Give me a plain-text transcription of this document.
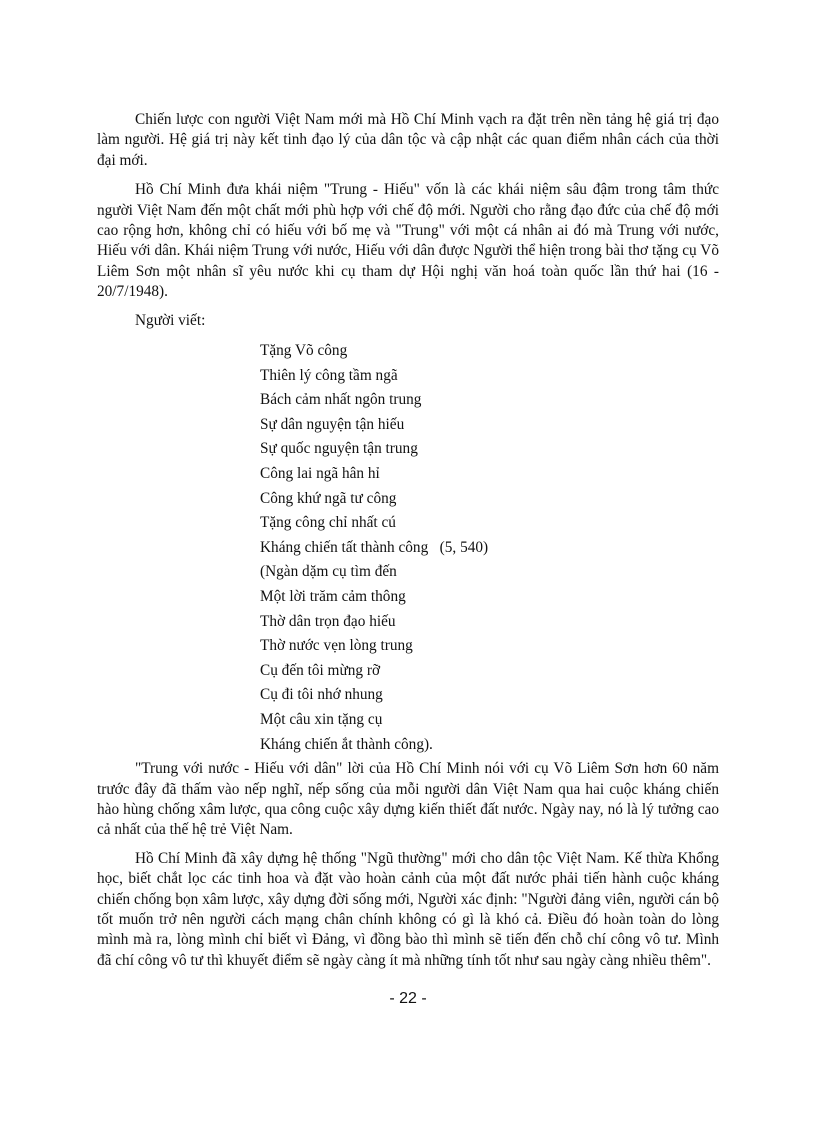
Chiến lược con người Việt Nam mới mà Hồ Chí Minh vạch ra đặt trên nền tảng hệ giá trị đạo làm người. Hệ giá trị này kết tinh đạo lý của dân tộc và cập nhật các quan điểm nhân cách của thời đại mới.

Hồ Chí Minh đưa khái niệm "Trung - Hiếu" vốn là các khái niệm sâu đậm trong tâm thức người Việt Nam đến một chất mới phù hợp với chế độ mới. Người cho rằng đạo đức của chế độ mới cao rộng hơn, không chỉ có hiếu với bố mẹ và "Trung" với một cá nhân ai đó mà Trung với nước, Hiếu với dân. Khái niệm Trung với nước, Hiếu với dân được Người thể hiện trong bài thơ tặng cụ Võ Liêm Sơn một nhân sĩ yêu nước khi cụ tham dự Hội nghị văn hoá toàn quốc lần thứ hai (16 - 20/7/1948).

Người viết:

Tặng Võ công
Thiên lý công tầm ngã
Bách cảm nhất ngôn trung
Sự dân nguyện tận hiếu
Sự quốc nguyện tận trung
Công lai ngã hân hỉ
Công khứ ngã tư công
Tặng công chỉ nhất cú
Kháng chiến tất thành công   (5, 540)
(Ngàn dặm cụ tìm đến
Một lời trăm cảm thông
Thờ dân trọn đạo hiếu
Thờ nước vẹn lòng trung
Cụ đến tôi mừng rỡ
Cụ đi tôi nhớ nhung
Một câu xin tặng cụ
Kháng chiến ắt thành công).

"Trung với nước - Hiếu với dân" lời của Hồ Chí Minh nói với cụ Võ Liêm Sơn hơn 60 năm trước đây đã thấm vào nếp nghĩ, nếp sống của mỗi người dân Việt Nam qua hai cuộc kháng chiến hào hùng chống xâm lược, qua công cuộc xây dựng kiến thiết đất nước. Ngày nay, nó là lý tưởng cao cả nhất của thế hệ trẻ Việt Nam.

Hồ Chí Minh đã xây dựng hệ thống "Ngũ thường" mới cho dân tộc Việt Nam. Kế thừa Khổng học, biết chắt lọc các tinh hoa và đặt vào hoàn cảnh của một đất nước phải tiến hành cuộc kháng chiến chống bọn xâm lược, xây dựng đời sống mới, Người xác định: "Người đảng viên, người cán bộ tốt muốn trở nên người cách mạng chân chính không có gì là khó cả. Điều đó hoàn toàn do lòng mình mà ra, lòng mình chỉ biết vì Đảng, vì đồng bào thì mình sẽ tiến đến chỗ chí công vô tư. Mình đã chí công vô tư thì khuyết điểm sẽ ngày càng ít mà những tính tốt như sau ngày càng nhiều thêm".

- 22 -
